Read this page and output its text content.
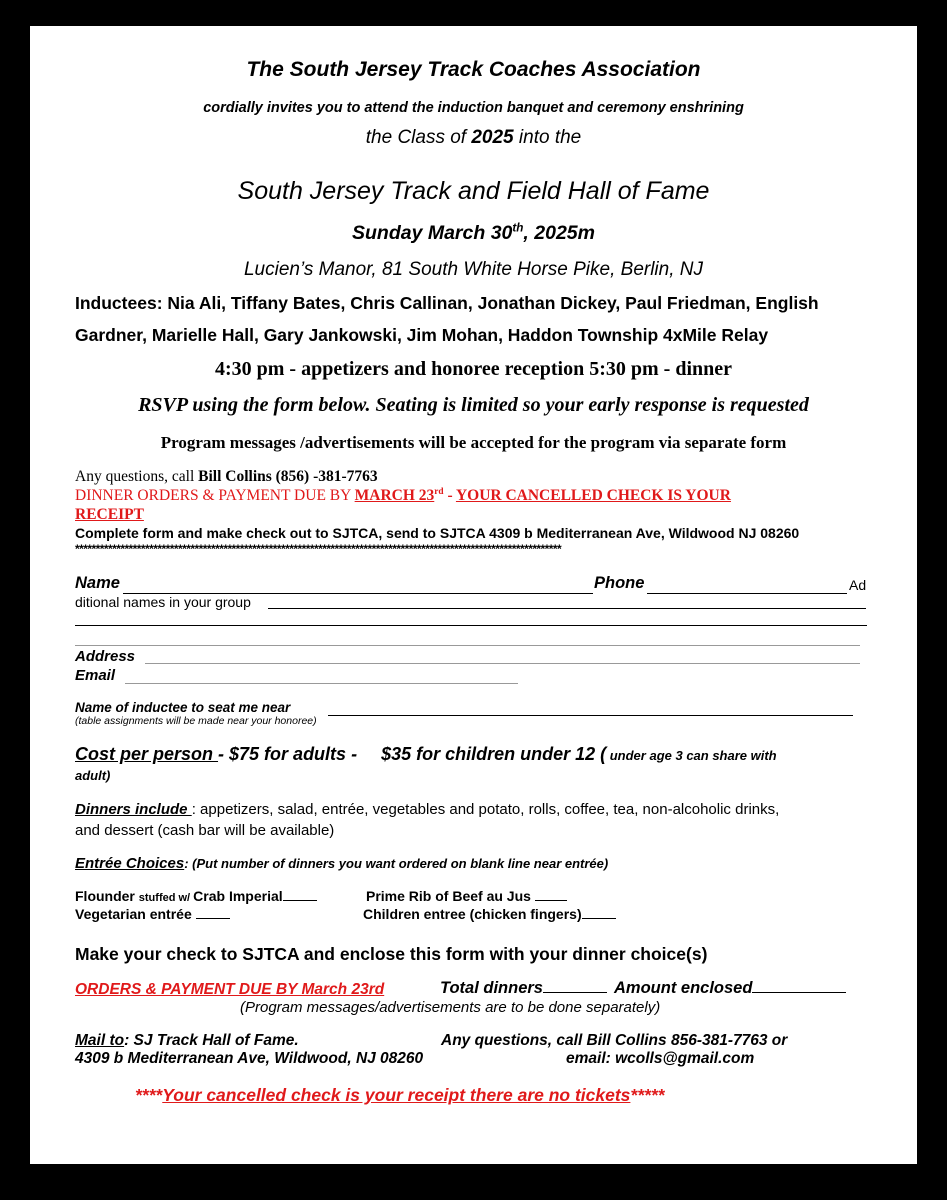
The South Jersey Track Coaches Association
cordially invites you to attend the induction banquet and ceremony enshrining
the Class of 2025 into the
South Jersey Track and Field Hall of Fame
Sunday March 30th, 2025m
Lucien’s Manor, 81 South White Horse Pike, Berlin, NJ
Inductees: Nia Ali, Tiffany Bates, Chris Callinan, Jonathan Dickey, Paul Friedman, English
Gardner, Marielle Hall, Gary Jankowski, Jim Mohan, Haddon Township 4xMile Relay
4:30 pm - appetizers and honoree reception 5:30 pm - dinner
RSVP using the form below. Seating is limited so your early response is requested
Program messages /advertisements will be accepted for the program via separate form
Any questions, call Bill Collins (856) -381-7763
DINNER ORDERS & PAYMENT DUE BY MARCH 23rd - YOUR CANCELLED CHECK IS YOUR
RECEIPT
Complete form and make check out to SJTCA, send to SJTCA 4309 b Mediterranean Ave, Wildwood NJ 08260
**********************************************************************************************************************
Name	Phone	Ad
ditional names in your group
Address
Email
Name of inductee to seat me near
(table assignments will be made near your honoree)
Cost per person - $75 for adults - $35 for children under 12 ( under age 3 can share with
adult)
Dinners include : appetizers, salad, entrée, vegetables and potato, rolls, coffee, tea, non-alcoholic drinks,
and dessert (cash bar will be available)
Entrée Choices: (Put number of dinners you want ordered on blank line near entrée)
Flounder stuffed w/ Crab Imperial	Prime Rib of Beef au Jus
Vegetarian entrée	Children entree (chicken fingers)
Make your check to SJTCA and enclose this form with your dinner choice(s)
ORDERS & PAYMENT DUE BY March 23rd	Total dinners	Amount enclosed
(Program messages/advertisements are to be done separately)
Mail to: SJ Track Hall of Fame.	Any questions, call Bill Collins 856-381-7763 or
4309 b Mediterranean Ave, Wildwood, NJ 08260	email: wcolls@gmail.com
****Your cancelled check is your receipt there are no tickets*****
